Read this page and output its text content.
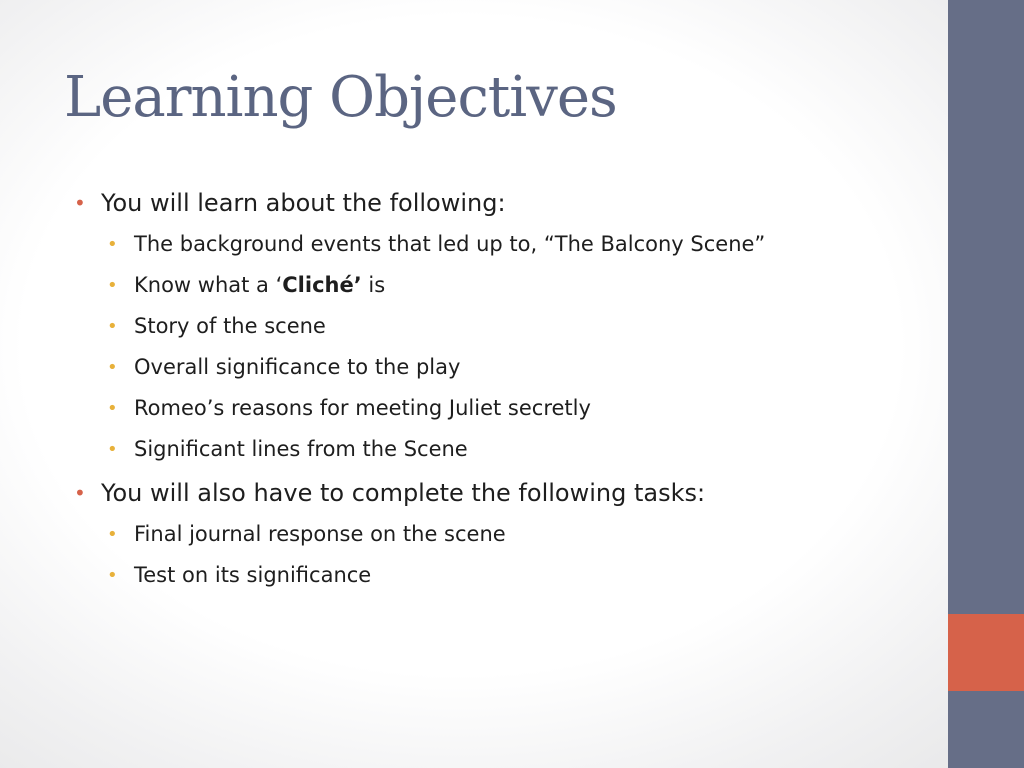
Learning Objectives
• You will learn about the following:
• The background events that led up to, “The Balcony Scene”
• Know what a ‘Cliché’ is
• Story of the scene
• Overall significance to the play
• Romeo’s reasons for meeting Juliet secretly
• Significant lines from the Scene
• You will also have to complete the following tasks:
• Final journal response on the scene
• Test on its significance
